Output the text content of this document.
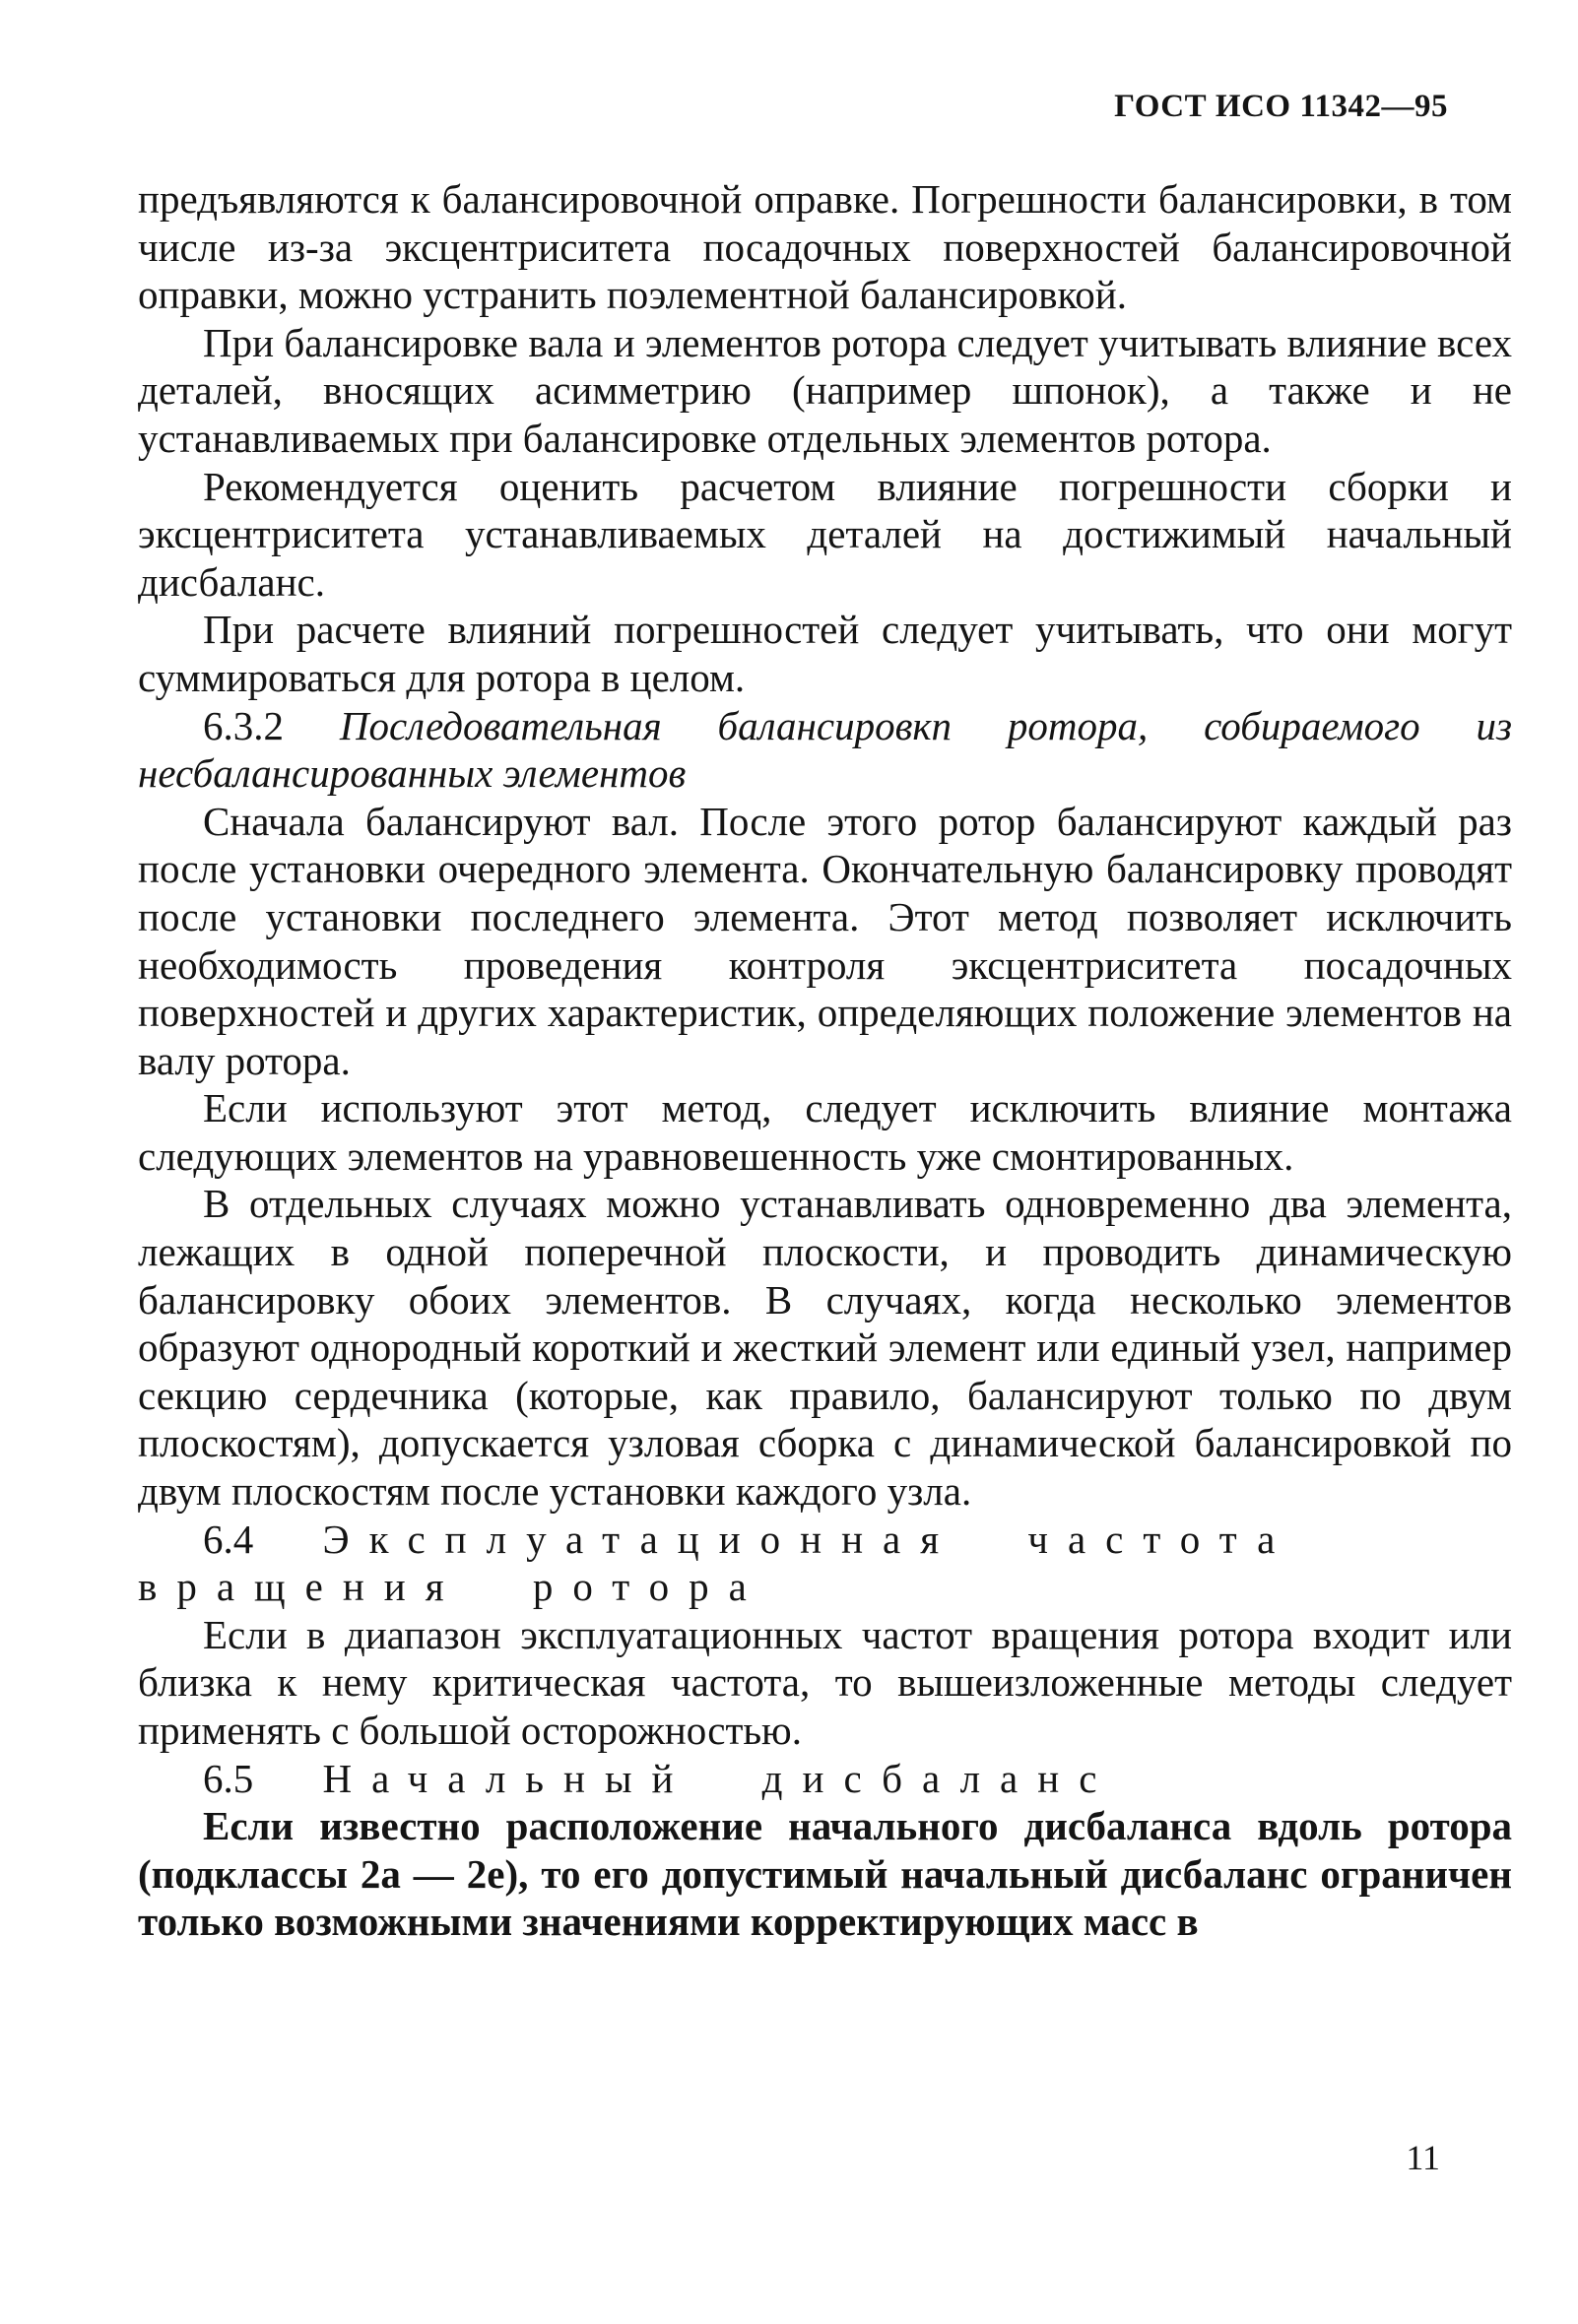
ГОСТ ИСО 11342—95

предъявляются к балансировочной оправке. Погрешности балансировки, в том числе из-за эксцентриситета посадочных поверхностей балансировочной оправки, можно устранить поэлементной балансировкой.

При балансировке вала и элементов ротора следует учитывать влияние всех деталей, вносящих асимметрию (например шпонок), а также и не устанавливаемых при балансировке отдельных элементов ротора.

Рекомендуется оценить расчетом влияние погрешности сборки и эксцентриситета устанавливаемых деталей на достижимый начальный дисбаланс.

При расчете влияний погрешностей следует учитывать, что они могут суммироваться для ротора в целом.

6.3.2 Последовательная балансировкn ротора, собираемого из несбалансированных элементов

Сначала балансируют вал. После этого ротор балансируют каждый раз после установки очередного элемента. Окончательную балансировку проводят после установки последнего элемента. Этот метод позволяет исключить необходимость проведения контроля эксцентриситета посадочных поверхностей и других характеристик, определяющих положение элементов на валу ротора.

Если используют этот метод, следует исключить влияние монтажа следующих элементов на уравновешенность уже смонтированных.

В отдельных случаях можно устанавливать одновременно два элемента, лежащих в одной поперечной плоскости, и проводить динамическую балансировку обоих элементов. В случаях, когда несколько элементов образуют однородный короткий и жесткий элемент или единый узел, например секцию сердечника (которые, как правило, балансируют только по двум плоскостям), допускается узловая сборка с динамической балансировкой по двум плоскостям после установки каждого узла.

6.4 Эксплуатационная частота вращения ротора

Если в диапазон эксплуатационных частот вращения ротора входит или близка к нему критическая частота, то вышеизложенные методы следует применять с большой осторожностью.

6.5 Начальный дисбаланс

Если известно расположение начального дисбаланса вдоль ротора (подклассы 2а — 2е), то его допустимый начальный дисбаланс ограничен только возможными значениями корректирующих масс в

11
